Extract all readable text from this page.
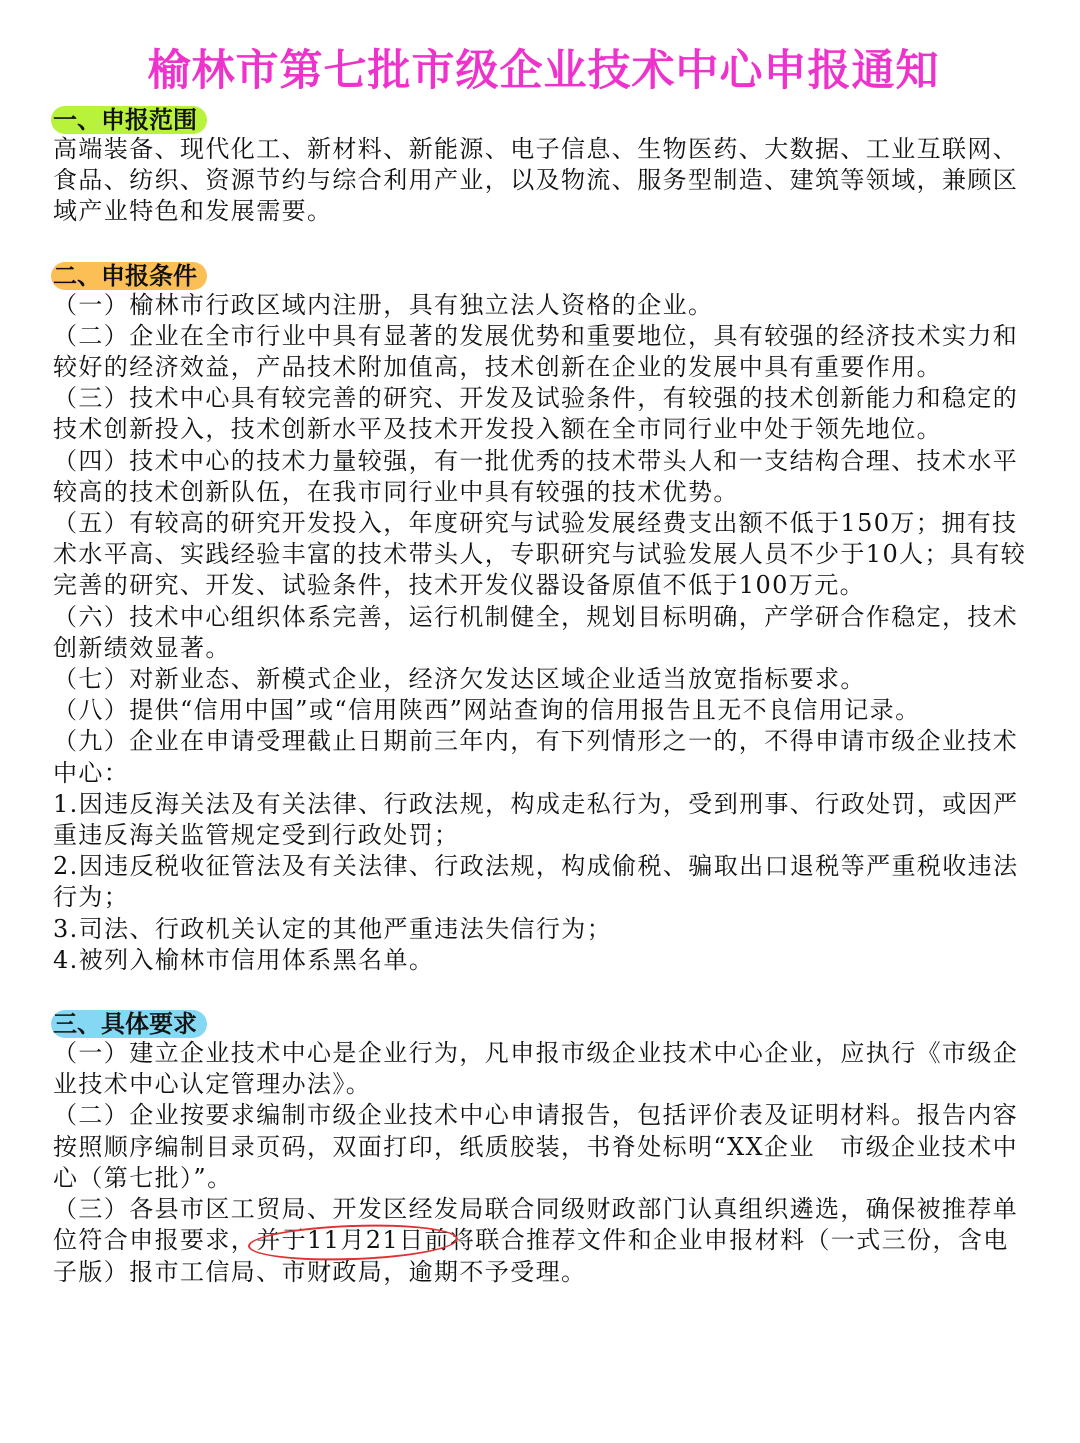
榆林市第七批市级企业技术中心申报通知
一、申报范围

高端装备、现代化工、新材料、新能源、电子信息、生物医药、大数据、工业互联网、食品、纺织、资源节约与综合利用产业，以及物流、服务型制造、建筑等领域，兼顾区域产业特色和发展需要。

二、申报条件

（一）榆林市行政区域内注册，具有独立法人资格的企业。

（二）企业在全市行业中具有显著的发展优势和重要地位，具有较强的经济技术实力和较好的经济效益，产品技术附加值高，技术创新在企业的发展中具有重要作用。

（三）技术中心具有较完善的研究、开发及试验条件，有较强的技术创新能力和稳定的技术创新投入，技术创新水平及技术开发投入额在全市同行业中处于领先地位。

（四）技术中心的技术力量较强，有一批优秀的技术带头人和一支结构合理、技术水平较高的技术创新队伍，在我市同行业中具有较强的技术优势。

（五）有较高的研究开发投入，年度研究与试验发展经费支出额不低于150万；拥有技术水平高、实践经验丰富的技术带头人，专职研究与试验发展人员不少于10人；具有较完善的研究、开发、试验条件，技术开发仪器设备原值不低于100万元。

（六）技术中心组织体系完善，运行机制健全，规划目标明确，产学研合作稳定，技术创新绩效显著。

（七）对新业态、新模式企业，经济欠发达区域企业适当放宽指标要求。

（八）提供“信用中国”或“信用陕西”网站查询的信用报告且无不良信用记录。

（九）企业在申请受理截止日期前三年内，有下列情形之一的，不得申请市级企业技术中心：

1.因违反海关法及有关法律、行政法规，构成走私行为，受到刑事、行政处罚，或因严重违反海关监管规定受到行政处罚；

2.因违反税收征管法及有关法律、行政法规，构成偷税、骗取出口退税等严重税收违法行为；

3.司法、行政机关认定的其他严重违法失信行为；

4.被列入榆林市信用体系黑名单。

三、具体要求

（一）建立企业技术中心是企业行为，凡申报市级企业技术中心企业，应执行《市级企业技术中心认定管理办法》。

（二）企业按要求编制市级企业技术中心申请报告，包括评价表及证明材料。报告内容按照顺序编制目录页码，双面打印，纸质胶装，书脊处标明“XX企业　市级企业技术中心（第七批）”。

（三）各县市区工贸局、开发区经发局联合同级财政部门认真组织遴选，确保被推荐单位符合申报要求，并于11月21日前将联合推荐文件和企业申报材料（一式三份，含电子版）报市工信局、市财政局，逾期不予受理。
